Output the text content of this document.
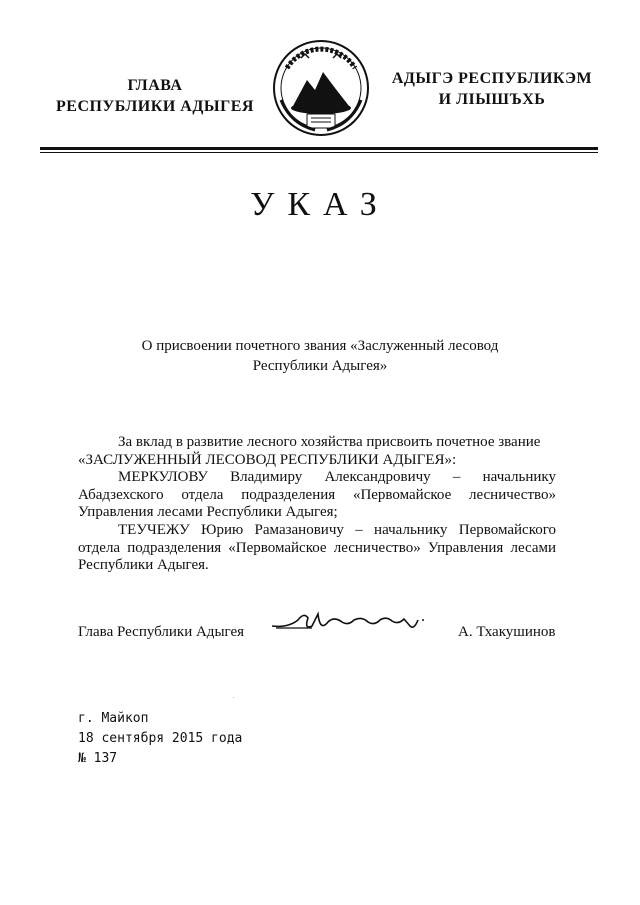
ГЛАВА
РЕСПУБЛИКИ АДЫГЕЯ
АДЫГЭ РЕСПУБЛИКЭМ
И ЛІЫШЪХЬ
УКАЗ
О присвоении почетного звания «Заслуженный лесовод
Республики Адыгея»

За вклад в развитие лесного хозяйства присвоить почетное звание

«ЗАСЛУЖЕННЫЙ ЛЕСОВОД РЕСПУБЛИКИ АДЫГЕЯ»:

МЕРКУЛОВУ Владимиру Александровичу – начальнику Абадзехского отдела подразделения «Первомайское лесничество» Управления лесами Республики Адыгея;

ТЕУЧЕЖУ Юрию Рамазановичу – начальнику Первомайского отдела подразделения «Первомайское лесничество» Управления лесами Республики Адыгея.

Глава Республики Адыгея	А. Тхакушинов
г. Майкоп
18 сентября 2015 года
№ 137
